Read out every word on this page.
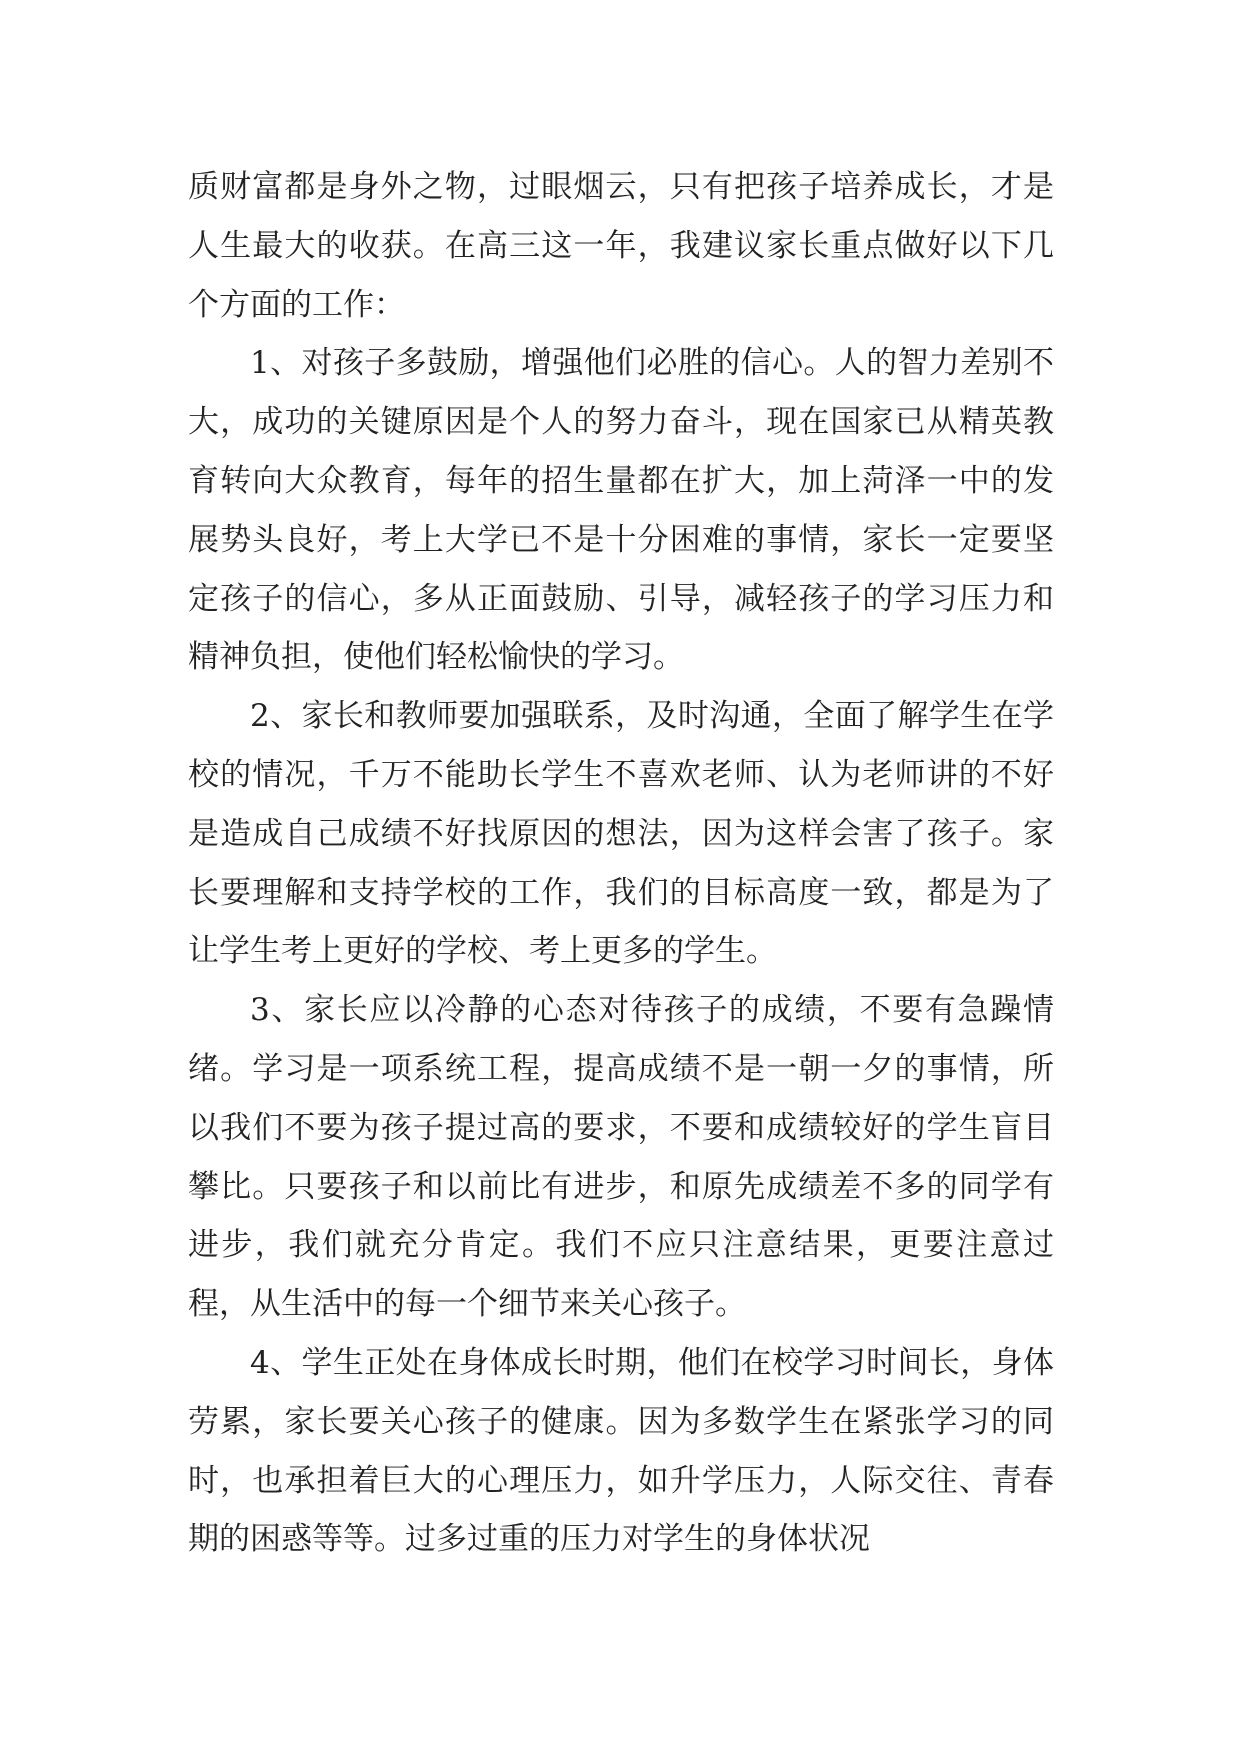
质财富都是身外之物，过眼烟云，只有把孩子培养成长，才是人生最大的收获。在高三这一年，我建议家长重点做好以下几个方面的工作：

1、对孩子多鼓励，增强他们必胜的信心。人的智力差别不大，成功的关键原因是个人的努力奋斗，现在国家已从精英教育转向大众教育，每年的招生量都在扩大，加上菏泽一中的发展势头良好，考上大学已不是十分困难的事情，家长一定要坚定孩子的信心，多从正面鼓励、引导，减轻孩子的学习压力和精神负担，使他们轻松愉快的学习。

2、家长和教师要加强联系，及时沟通，全面了解学生在学校的情况，千万不能助长学生不喜欢老师、认为老师讲的不好是造成自己成绩不好找原因的想法，因为这样会害了孩子。家长要理解和支持学校的工作，我们的目标高度一致，都是为了让学生考上更好的学校、考上更多的学生。

3、家长应以冷静的心态对待孩子的成绩，不要有急躁情绪。学习是一项系统工程，提高成绩不是一朝一夕的事情，所以我们不要为孩子提过高的要求，不要和成绩较好的学生盲目攀比。只要孩子和以前比有进步，和原先成绩差不多的同学有进步，我们就充分肯定。我们不应只注意结果，更要注意过程，从生活中的每一个细节来关心孩子。

4、学生正处在身体成长时期，他们在校学习时间长，身体劳累，家长要关心孩子的健康。因为多数学生在紧张学习的同时，也承担着巨大的心理压力，如升学压力，人际交往、青春期的困惑等等。过多过重的压力对学生的身体状况
